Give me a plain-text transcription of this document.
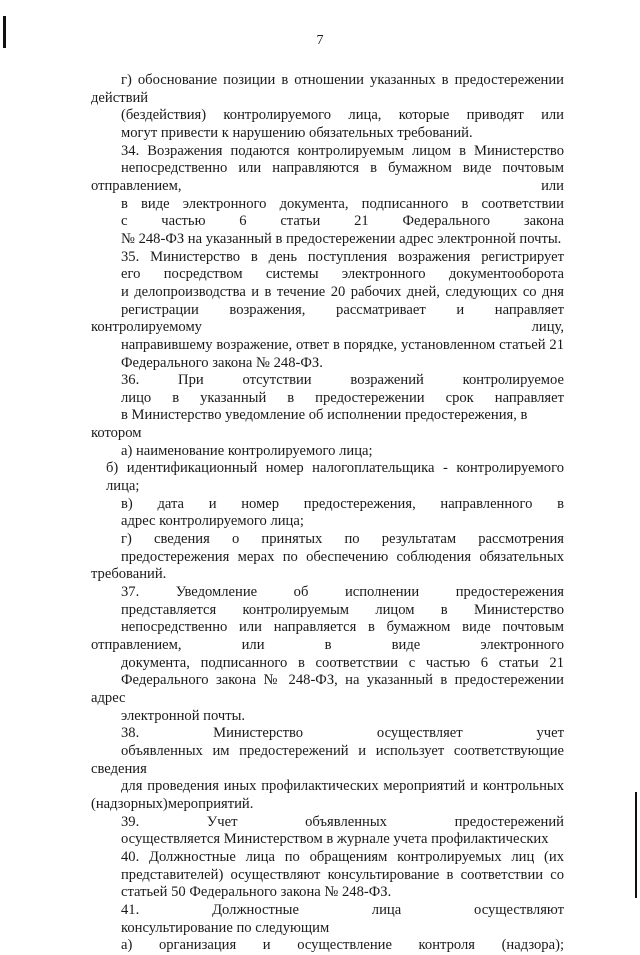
7

г) обоснование позиции в отношении указанных в предостережении действий
(бездействия) контролируемого лица, которые приводят или
могут привести к нарушению обязательных требований.

34. Возражения подаются контролируемым лицом в Министерство
непосредственно или направляются в бумажном виде почтовым отправлением, или
в виде электронного документа, подписанного в соответствии
с частью 6 статьи 21 Федерального закона
№ 248-ФЗ на указанный в предостережении адрес электронной почты.

35. Министерство в день поступления возражения регистрирует
его посредством системы электронного документооборота
и делопроизводства и в течение 20 рабочих дней, следующих со дня
регистрации возражения, рассматривает и направляет контролируемому лицу,
направившему возражение, ответ в порядке, установленном статьей 21
Федерального закона № 248-ФЗ.

36. При отсутствии возражений контролируемое
лицо в указанный в предостережении срок направляет
в Министерство уведомление об исполнении предостережения, в котором

а) наименование контролируемого лица;

б) идентификационный номер налогоплательщика - контролируемого лица;

в) дата и номер предостережения, направленного в
адрес контролируемого лица;

г) сведения о принятых по результатам рассмотрения
предостережения мерах по обеспечению соблюдения обязательных требований.

37. Уведомление об исполнении предостережения
представляется контролируемым лицом в Министерство
непосредственно или направляется в бумажном виде почтовым отправлением, или в виде электронного
документа, подписанного в соответствии с частью 6 статьи 21
Федерального закона № 248-ФЗ, на указанный в предостережении адрес
электронной почты.

38. Министерство осуществляет учет
объявленных им предостережений и использует соответствующие сведения
для проведения иных профилактических мероприятий и контрольных (надзорных)мероприятий.

39. Учет объявленных предостережений
осуществляется Министерством в журнале учета профилактических

40. Должностные лица по обращениям контролируемых лиц (их
представителей) осуществляют консультирование в соответствии со
статьей 50 Федерального закона № 248-ФЗ.

41. Должностные лица осуществляют
консультирование по следующим

а) организация и осуществление контроля (надзора);
